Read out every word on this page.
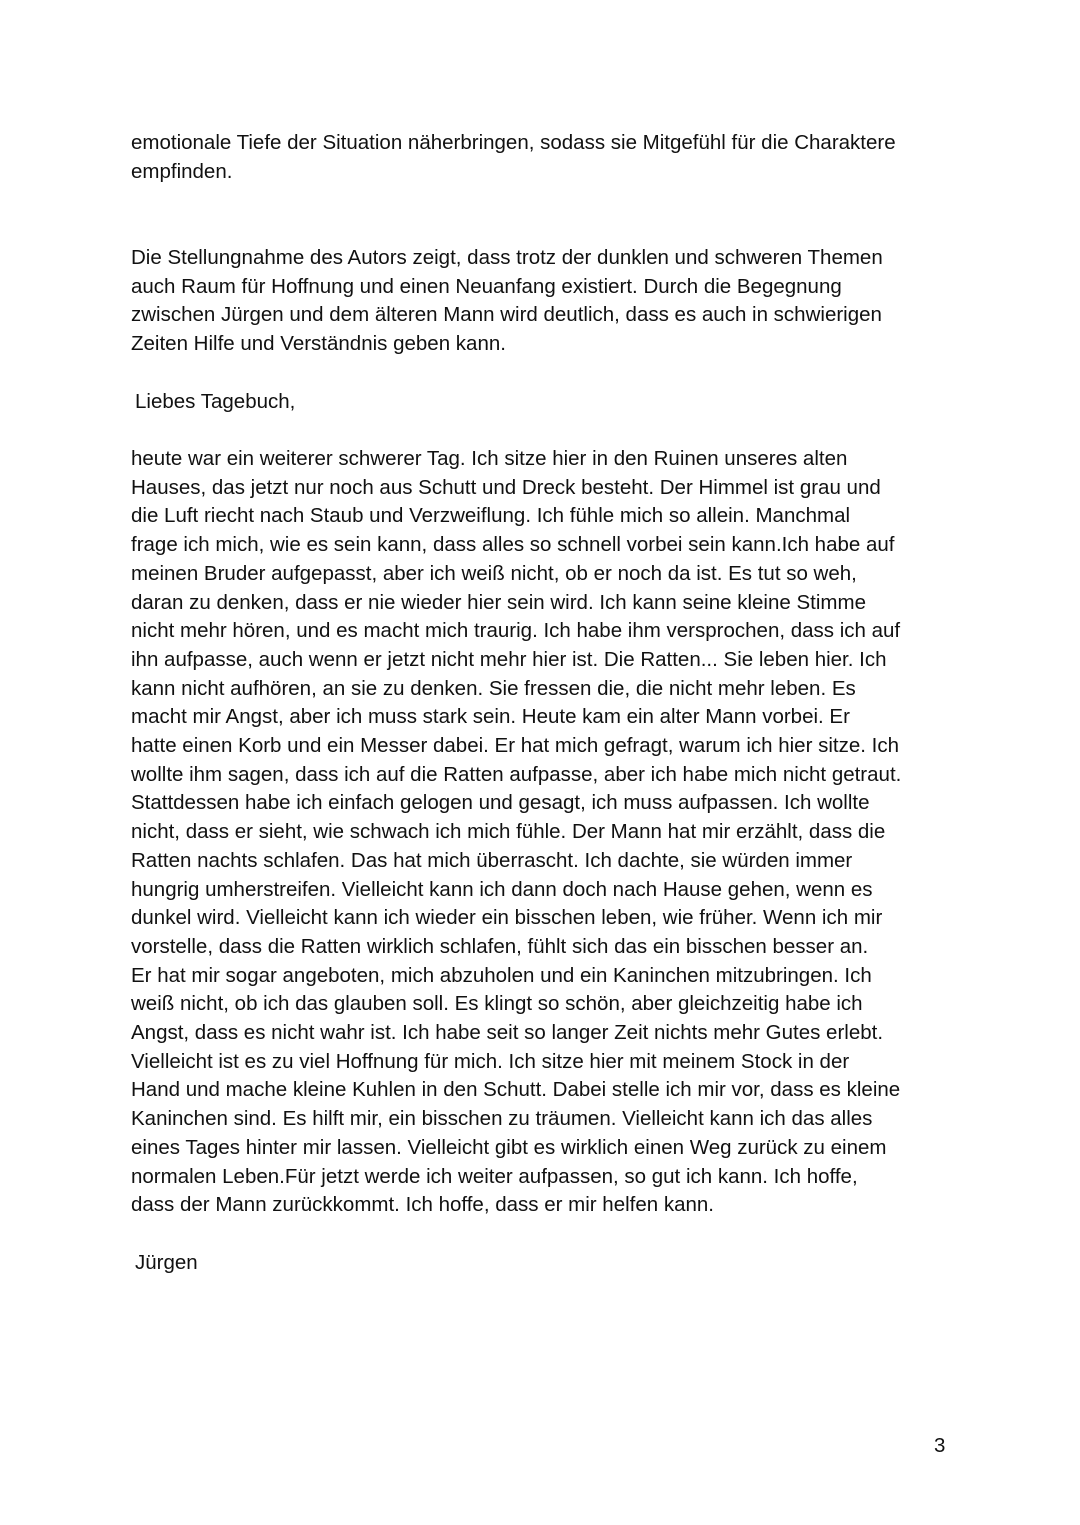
emotionale Tiefe der Situation näherbringen, sodass sie Mitgefühl für die Charaktere
empfinden.

Die Stellungnahme des Autors zeigt, dass trotz der dunklen und schweren Themen
auch Raum für Hoffnung und einen Neuanfang existiert. Durch die Begegnung
zwischen Jürgen und dem älteren Mann wird deutlich, dass es auch in schwierigen
Zeiten Hilfe und Verständnis geben kann.

Liebes Tagebuch,

heute war ein weiterer schwerer Tag. Ich sitze hier in den Ruinen unseres alten
Hauses, das jetzt nur noch aus Schutt und Dreck besteht. Der Himmel ist grau und
die Luft riecht nach Staub und Verzweiflung. Ich fühle mich so allein. Manchmal
frage ich mich, wie es sein kann, dass alles so schnell vorbei sein kann.Ich habe auf
meinen Bruder aufgepasst, aber ich weiß nicht, ob er noch da ist. Es tut so weh,
daran zu denken, dass er nie wieder hier sein wird. Ich kann seine kleine Stimme
nicht mehr hören, und es macht mich traurig. Ich habe ihm versprochen, dass ich auf
ihn aufpasse, auch wenn er jetzt nicht mehr hier ist. Die Ratten... Sie leben hier. Ich
kann nicht aufhören, an sie zu denken. Sie fressen die, die nicht mehr leben. Es
macht mir Angst, aber ich muss stark sein. Heute kam ein alter Mann vorbei. Er
hatte einen Korb und ein Messer dabei. Er hat mich gefragt, warum ich hier sitze. Ich
wollte ihm sagen, dass ich auf die Ratten aufpasse, aber ich habe mich nicht getraut.
Stattdessen habe ich einfach gelogen und gesagt, ich muss aufpassen. Ich wollte
nicht, dass er sieht, wie schwach ich mich fühle. Der Mann hat mir erzählt, dass die
Ratten nachts schlafen. Das hat mich überrascht. Ich dachte, sie würden immer
hungrig umherstreifen. Vielleicht kann ich dann doch nach Hause gehen, wenn es
dunkel wird. Vielleicht kann ich wieder ein bisschen leben, wie früher. Wenn ich mir
vorstelle, dass die Ratten wirklich schlafen, fühlt sich das ein bisschen besser an.
Er hat mir sogar angeboten, mich abzuholen und ein Kaninchen mitzubringen. Ich
weiß nicht, ob ich das glauben soll. Es klingt so schön, aber gleichzeitig habe ich
Angst, dass es nicht wahr ist. Ich habe seit so langer Zeit nichts mehr Gutes erlebt.
Vielleicht ist es zu viel Hoffnung für mich. Ich sitze hier mit meinem Stock in der
Hand und mache kleine Kuhlen in den Schutt. Dabei stelle ich mir vor, dass es kleine
Kaninchen sind. Es hilft mir, ein bisschen zu träumen. Vielleicht kann ich das alles
eines Tages hinter mir lassen. Vielleicht gibt es wirklich einen Weg zurück zu einem
normalen Leben.Für jetzt werde ich weiter aufpassen, so gut ich kann. Ich hoffe,
dass der Mann zurückkommt. Ich hoffe, dass er mir helfen kann.

Jürgen

3
